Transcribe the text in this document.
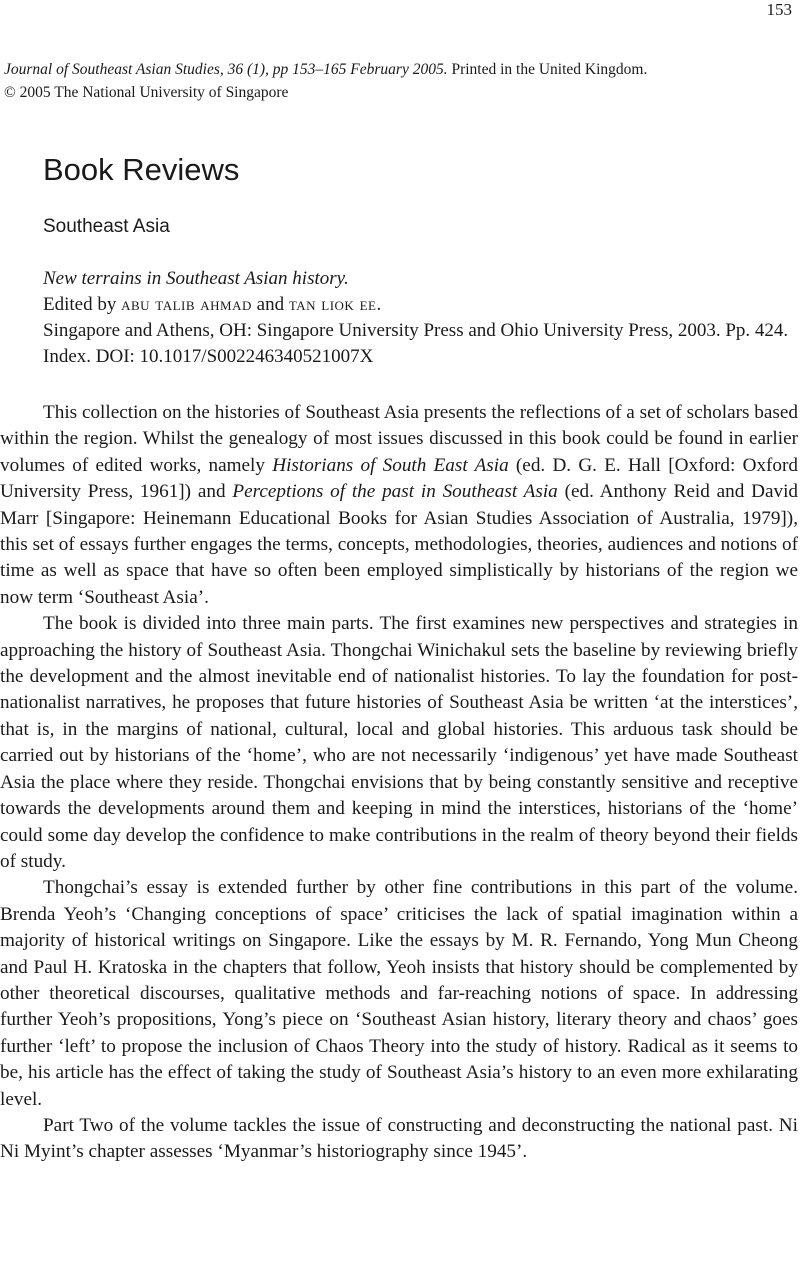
153
Journal of Southeast Asian Studies, 36 (1), pp 153–165 February 2005. Printed in the United Kingdom.
© 2005 The National University of Singapore
Book Reviews
Southeast Asia
New terrains in Southeast Asian history.
Edited by abu talib ahmad and tan liok ee.
Singapore and Athens, OH: Singapore University Press and Ohio University Press, 2003. Pp. 424. Index. DOI: 10.1017/S002246340521007X

This collection on the histories of Southeast Asia presents the reflections of a set of scholars based within the region. Whilst the genealogy of most issues discussed in this book could be found in earlier volumes of edited works, namely Historians of South East Asia (ed. D. G. E. Hall [Oxford: Oxford University Press, 1961]) and Perceptions of the past in Southeast Asia (ed. Anthony Reid and David Marr [Singapore: Heinemann Educational Books for Asian Studies Association of Australia, 1979]), this set of essays further engages the terms, concepts, methodologies, theories, audiences and notions of time as well as space that have so often been employed simplistically by historians of the region we now term ‘Southeast Asia’.

The book is divided into three main parts. The first examines new perspectives and strategies in approaching the history of Southeast Asia. Thongchai Winichakul sets the baseline by reviewing briefly the development and the almost inevitable end of nationalist histories. To lay the foundation for post-nationalist narratives, he proposes that future histories of Southeast Asia be written ‘at the interstices’, that is, in the margins of national, cultural, local and global histories. This arduous task should be carried out by historians of the ‘home’, who are not necessarily ‘indigenous’ yet have made Southeast Asia the place where they reside. Thongchai envisions that by being constantly sensitive and receptive towards the developments around them and keeping in mind the interstices, historians of the ‘home’ could some day develop the confidence to make contributions in the realm of theory beyond their fields of study.

Thongchai’s essay is extended further by other fine contributions in this part of the volume. Brenda Yeoh’s ‘Changing conceptions of space’ criticises the lack of spatial imagination within a majority of historical writings on Singapore. Like the essays by M. R. Fernando, Yong Mun Cheong and Paul H. Kratoska in the chapters that follow, Yeoh insists that history should be complemented by other theoretical discourses, qualitative methods and far-reaching notions of space. In addressing further Yeoh’s propositions, Yong’s piece on ‘Southeast Asian history, literary theory and chaos’ goes further ‘left’ to propose the inclusion of Chaos Theory into the study of history. Radical as it seems to be, his article has the effect of taking the study of Southeast Asia’s history to an even more exhilarating level.

Part Two of the volume tackles the issue of constructing and deconstructing the national past. Ni Ni Myint’s chapter assesses ‘Myanmar’s historiography since 1945’.
